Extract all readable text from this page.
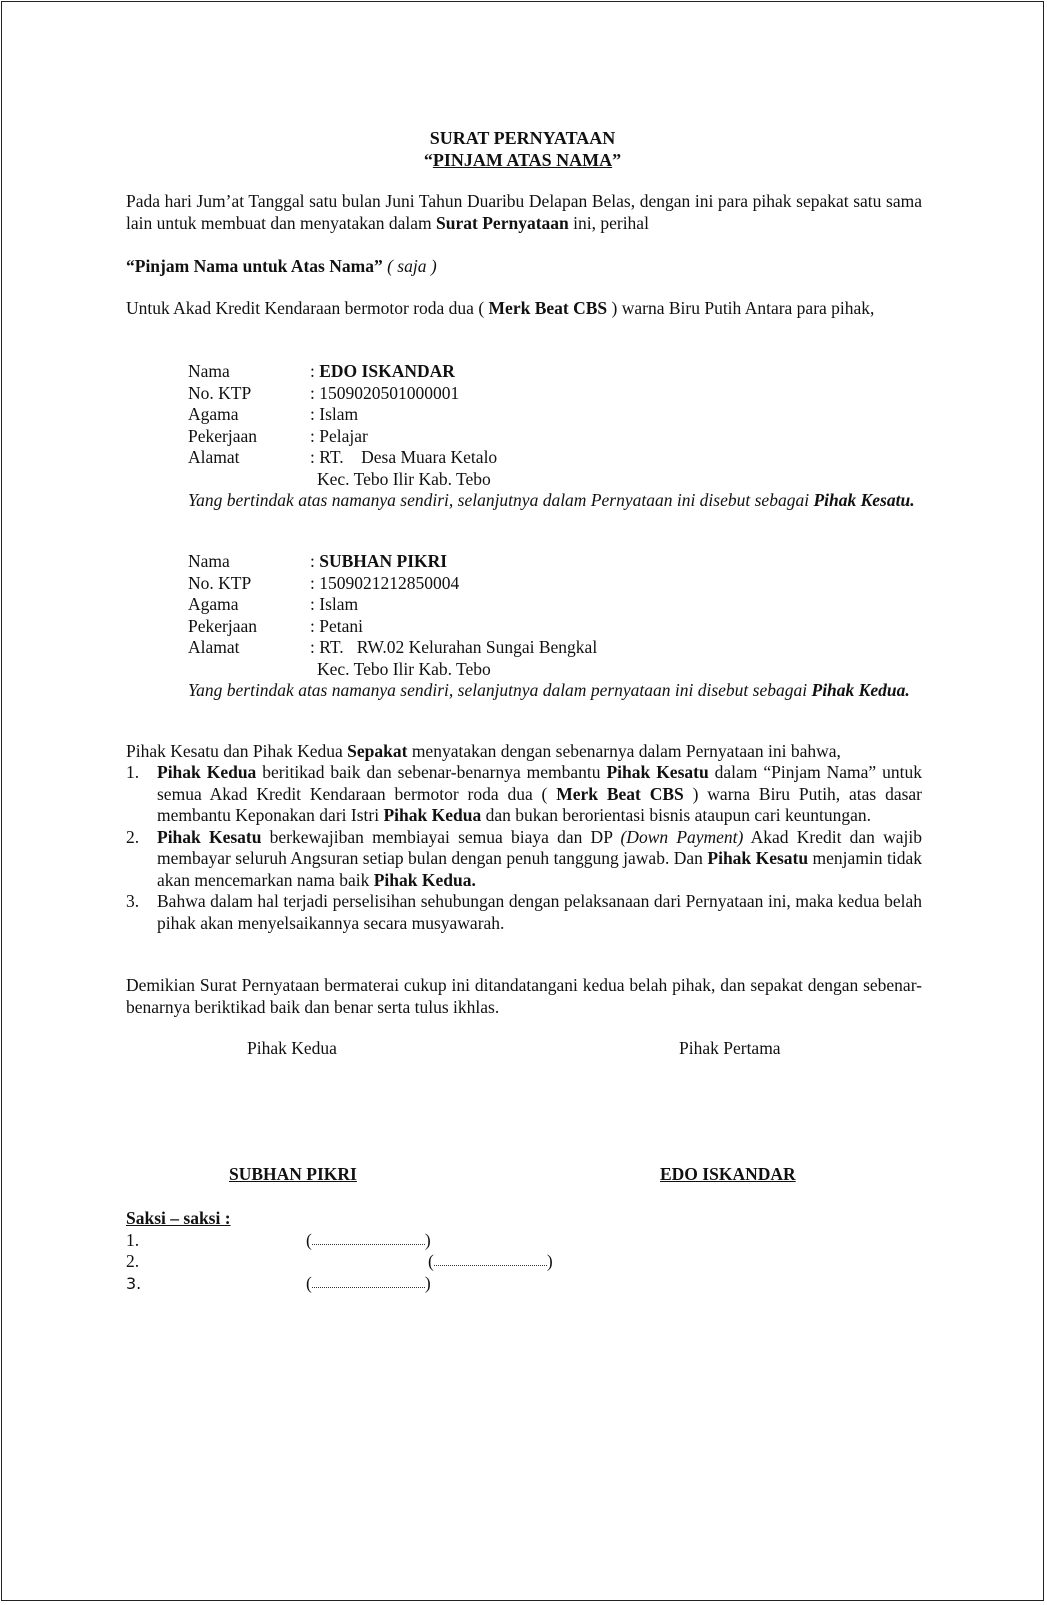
SURAT PERNYATAAN
“PINJAM ATAS NAMA”
Pada hari Jum’at Tanggal satu bulan Juni Tahun Duaribu Delapan Belas, dengan ini para pihak sepakat satu sama lain untuk membuat dan menyatakan dalam Surat Pernyataan ini, perihal
“Pinjam Nama untuk Atas Nama” ( saja )
Untuk Akad Kredit Kendaraan bermotor roda dua ( Merk Beat CBS ) warna Biru Putih Antara para pihak,
Nama	: EDO ISKANDAR
No. KTP	: 1509020501000001
Agama	: Islam
Pekerjaan	: Pelajar
Alamat	: RT.    Desa Muara Ketalo
Kec. Tebo Ilir Kab. Tebo
Yang bertindak atas namanya sendiri, selanjutnya dalam Pernyataan ini disebut sebagai Pihak Kesatu.
Nama	: SUBHAN PIKRI
No. KTP	: 1509021212850004
Agama	: Islam
Pekerjaan	: Petani
Alamat	: RT.   RW.02 Kelurahan Sungai Bengkal
Kec. Tebo Ilir Kab. Tebo
Yang bertindak atas namanya sendiri, selanjutnya dalam pernyataan ini disebut sebagai Pihak Kedua.
Pihak Kesatu dan Pihak Kedua Sepakat menyatakan dengan sebenarnya dalam Pernyataan ini bahwa,
1.	Pihak Kedua beritikad baik dan sebenar-benarnya membantu Pihak Kesatu dalam “Pinjam Nama” untuk semua Akad Kredit Kendaraan bermotor roda dua ( Merk Beat CBS ) warna Biru Putih, atas dasar membantu Keponakan dari Istri Pihak Kedua dan bukan berorientasi bisnis ataupun cari keuntungan.
2.	Pihak Kesatu berkewajiban membiayai semua biaya dan DP (Down Payment) Akad Kredit dan wajib membayar seluruh Angsuran setiap bulan dengan penuh tanggung jawab. Dan Pihak Kesatu menjamin tidak akan mencemarkan nama baik Pihak Kedua.
3.	Bahwa dalam hal terjadi perselisihan sehubungan dengan pelaksanaan dari Pernyataan ini, maka kedua belah pihak akan menyelsaikannya secara musyawarah.
Demikian Surat Pernyataan bermaterai cukup ini ditandatangani kedua belah pihak, dan sepakat dengan sebenar-benarnya beriktikad baik dan benar serta tulus ikhlas.
Pihak Kedua	Pihak Pertama
SUBHAN PIKRI	EDO ISKANDAR
Saksi – saksi :
1.	(	)
2.	(	)
3.	(	)
